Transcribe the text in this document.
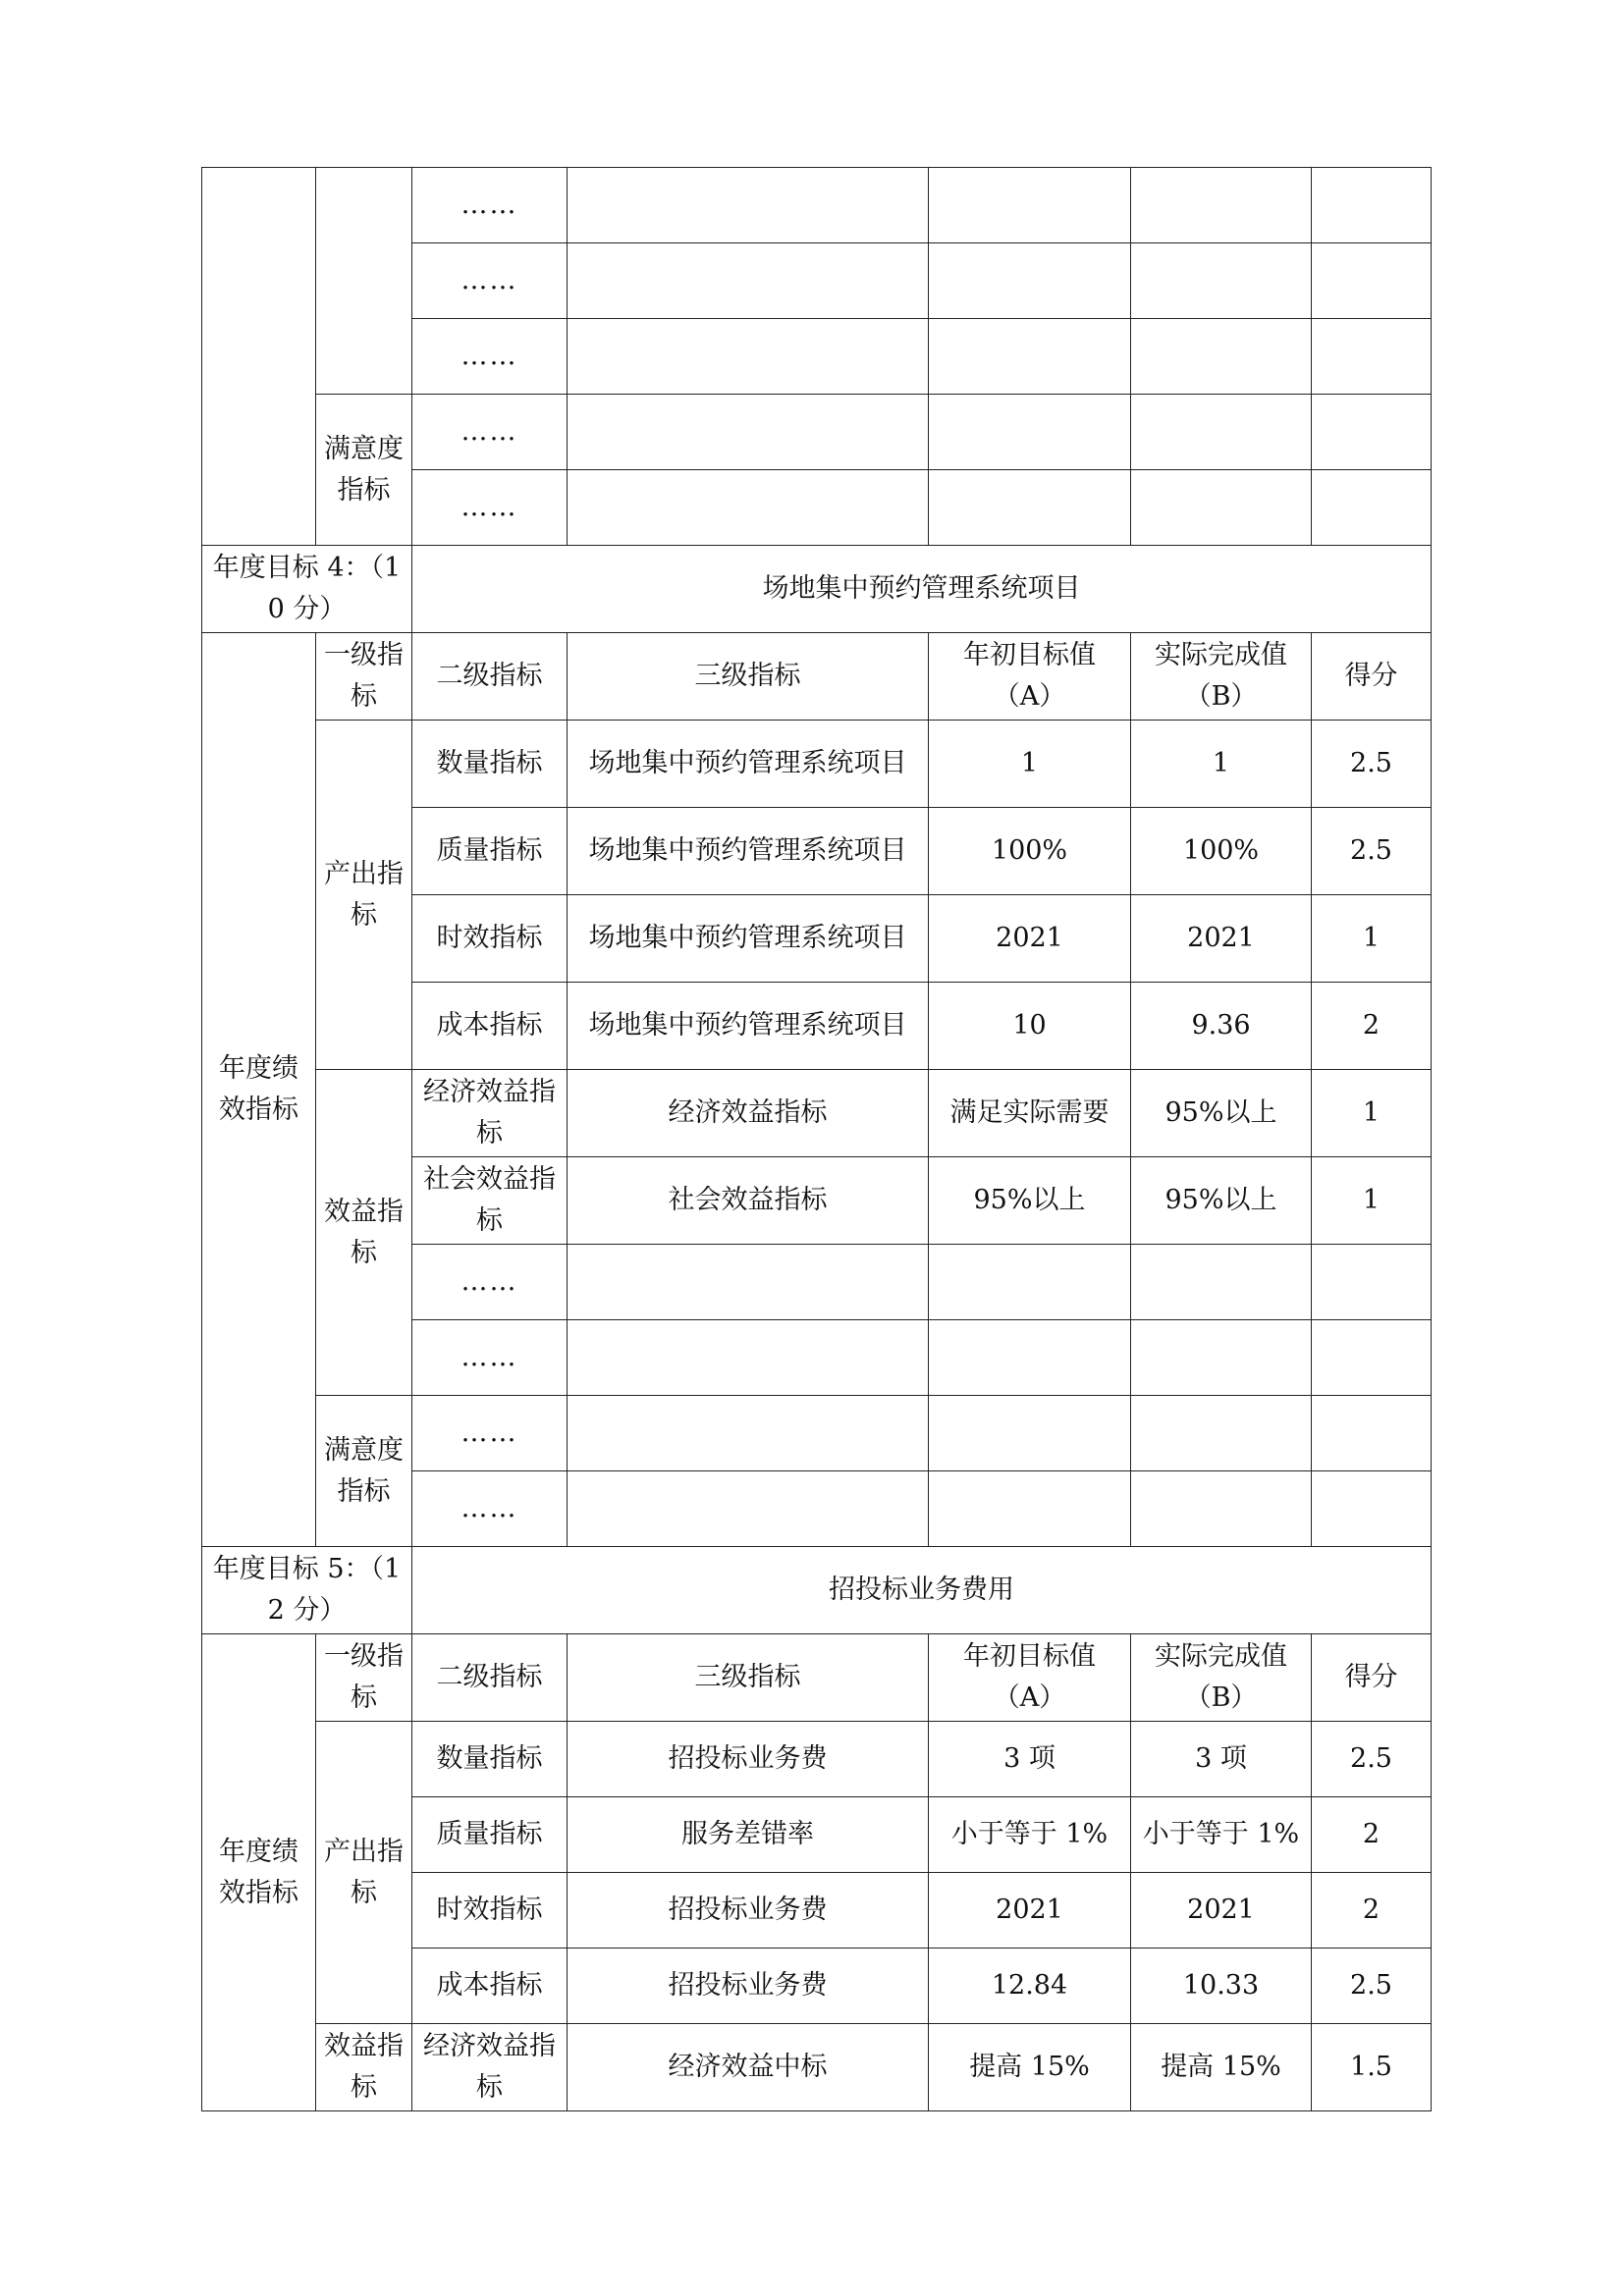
		……				
		……				
		……				
	满意度指标	……				
		……				
年度目标 4：（10 分）		场地集中预约管理系统项目				
年度绩效指标	一级指标	二级指标	三级指标	年初目标值（A）	实际完成值（B）	得分
	产出指标	数量指标	场地集中预约管理系统项目	1	1	2.5
		质量指标	场地集中预约管理系统项目	100%	100%	2.5
		时效指标	场地集中预约管理系统项目	2021	2021	1
		成本指标	场地集中预约管理系统项目	10	9.36	2
	效益指标	经济效益指标	经济效益指标	满足实际需要	95%以上	1
		社会效益指标	社会效益指标	95%以上	95%以上	1
		……				
		……				
	满意度指标	……				
		……				
年度目标 5：（12 分）		招投标业务费用				
年度绩效指标	一级指标	二级指标	三级指标	年初目标值（A）	实际完成值（B）	得分
	产出指标	数量指标	招投标业务费	3 项	3 项	2.5
		质量指标	服务差错率	小于等于 1%	小于等于 1%	2
		时效指标	招投标业务费	2021	2021	2
		成本指标	招投标业务费	12.84	10.33	2.5
	效益指标	经济效益指标	经济效益中标	提高 15%	提高 15%	1.5
